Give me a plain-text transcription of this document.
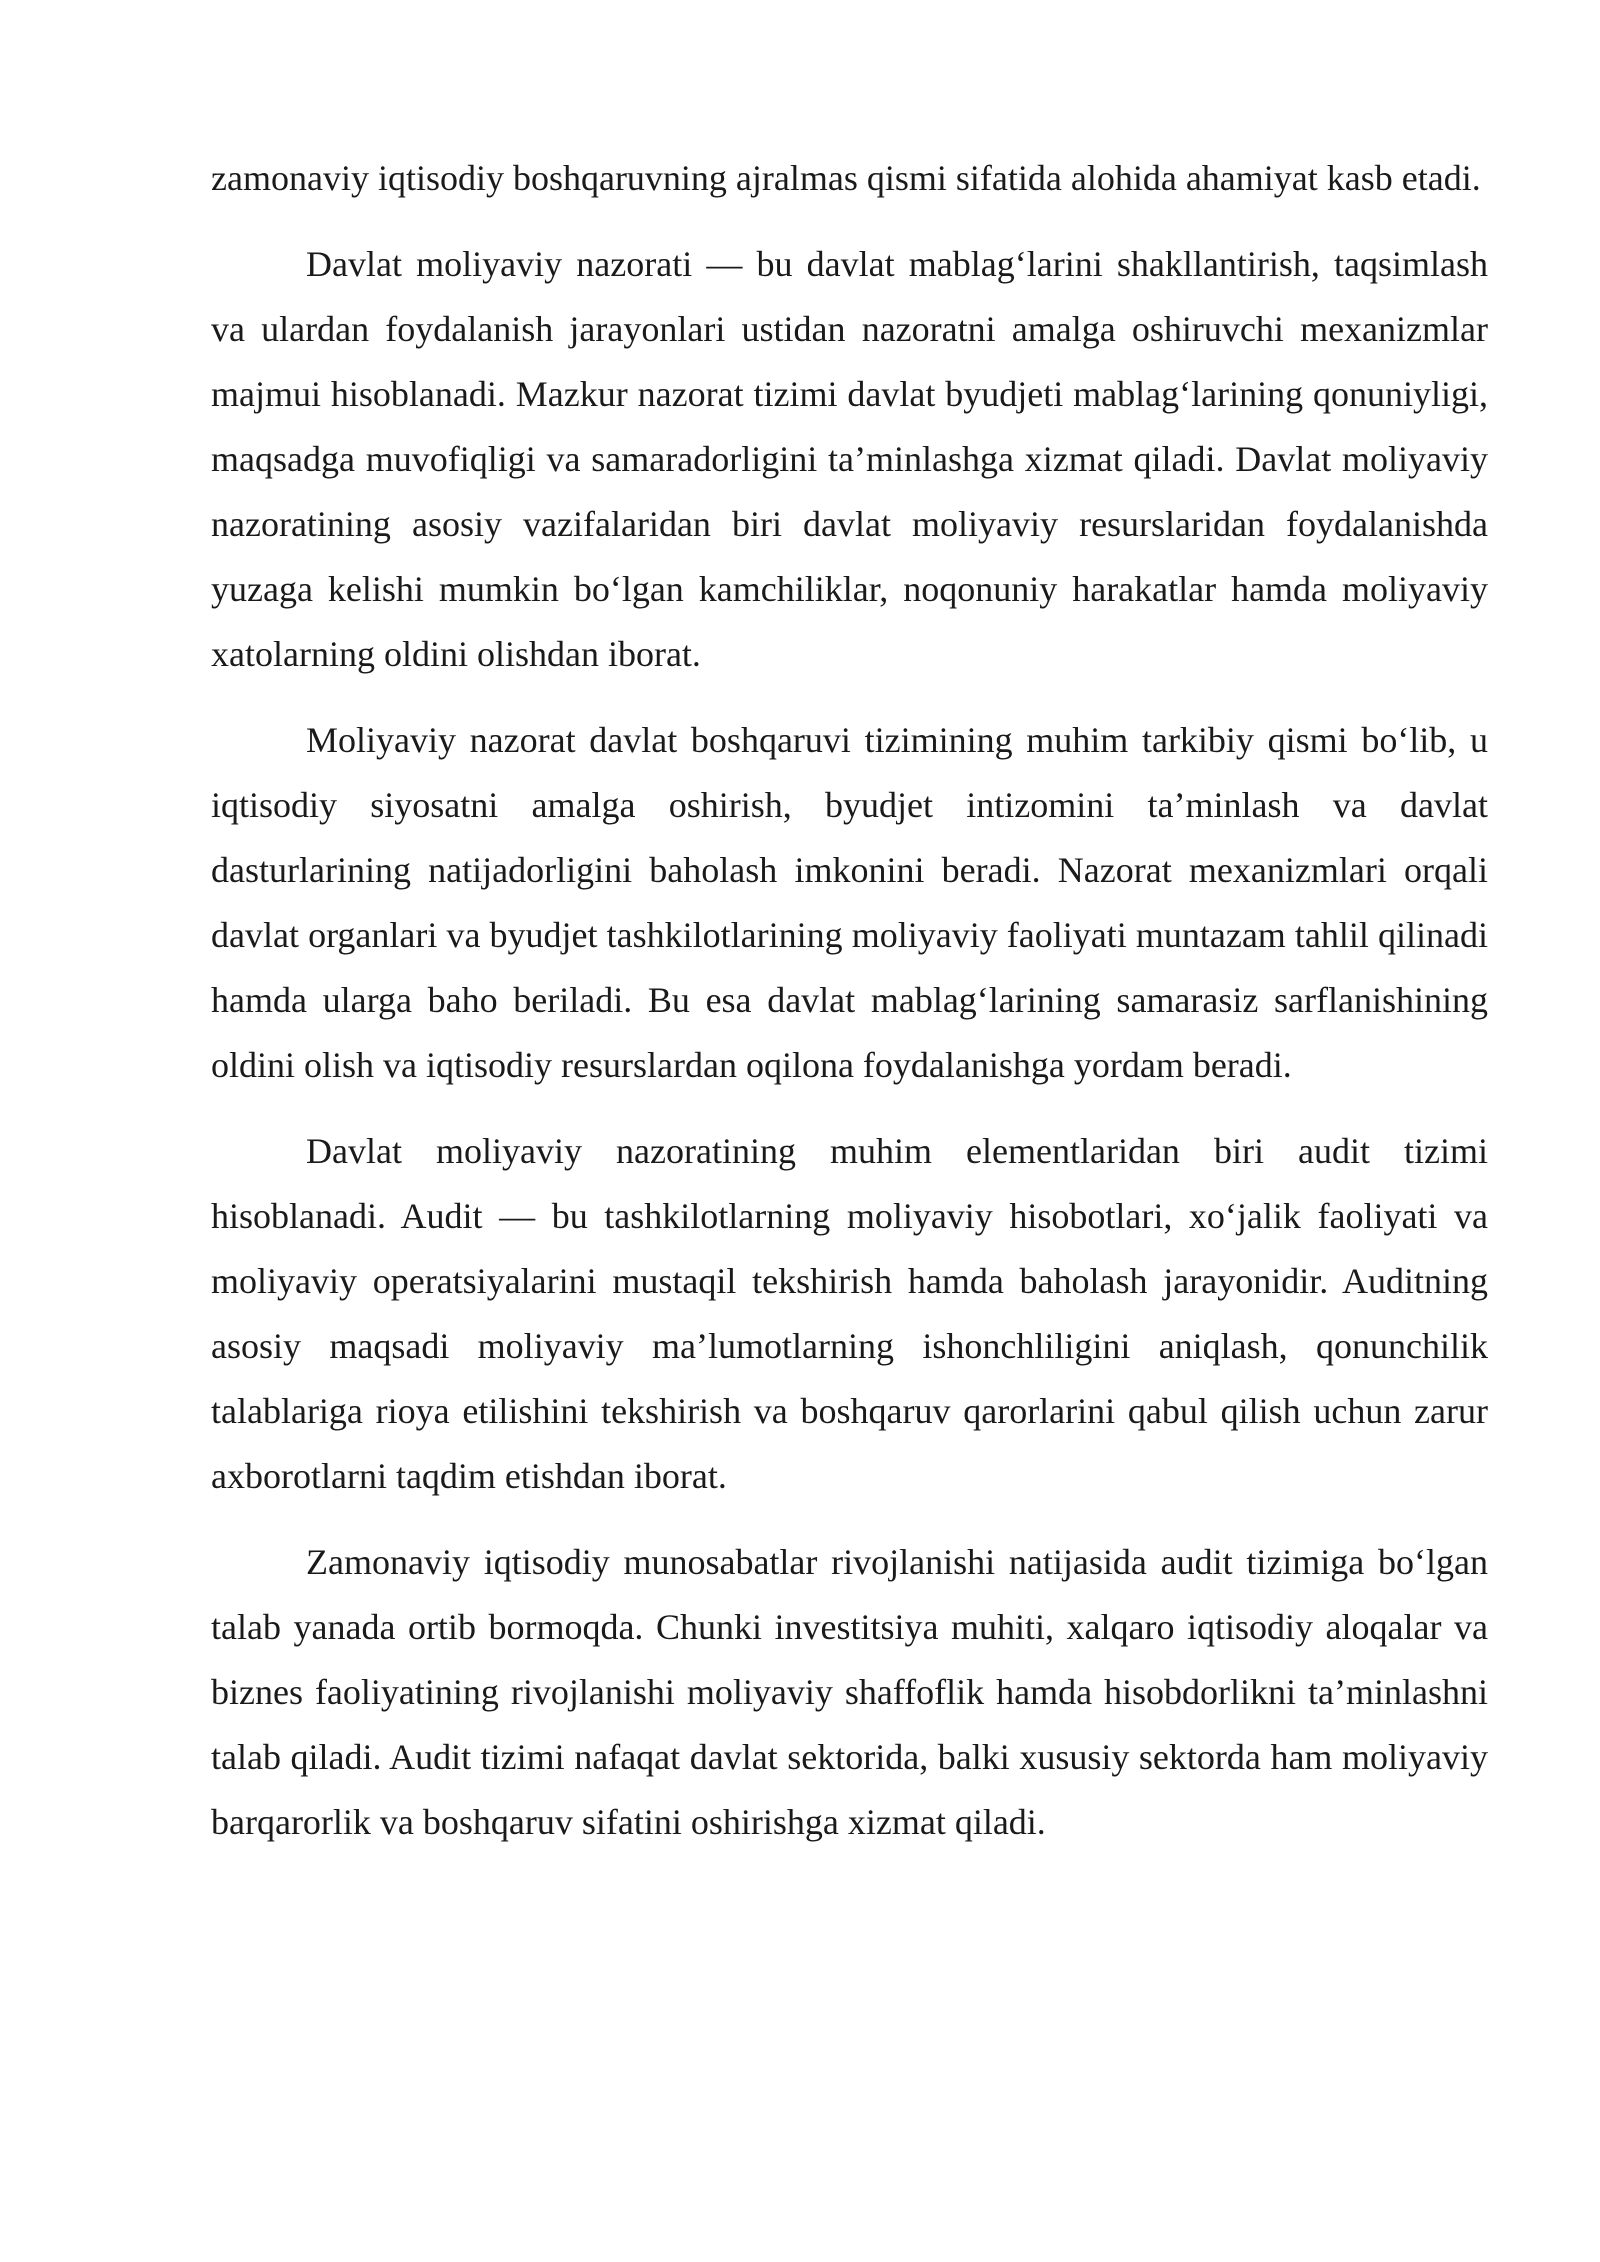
zamonaviy iqtisodiy boshqaruvning ajralmas qismi sifatida alohida ahamiyat kasb etadi.

Davlat moliyaviy nazorati — bu davlat mablag‘larini shakllantirish, taqsimlash va ulardan foydalanish jarayonlari ustidan nazoratni amalga oshiruvchi mexanizmlar majmui hisoblanadi. Mazkur nazorat tizimi davlat byudjeti mablag‘larining qonuniyligi, maqsadga muvofiqligi va samaradorligini ta’minlashga xizmat qiladi. Davlat moliyaviy nazoratining asosiy vazifalaridan biri davlat moliyaviy resurslaridan foydalanishda yuzaga kelishi mumkin bo‘lgan kamchiliklar, noqonuniy harakatlar hamda moliyaviy xatolarning oldini olishdan iborat.

Moliyaviy nazorat davlat boshqaruvi tizimining muhim tarkibiy qismi bo‘lib, u iqtisodiy siyosatni amalga oshirish, byudjet intizomini ta’minlash va davlat dasturlarining natijadorligini baholash imkonini beradi. Nazorat mexanizmlari orqali davlat organlari va byudjet tashkilotlarining moliyaviy faoliyati muntazam tahlil qilinadi hamda ularga baho beriladi. Bu esa davlat mablag‘larining samarasiz sarflanishining oldini olish va iqtisodiy resurslardan oqilona foydalanishga yordam beradi.

Davlat moliyaviy nazoratining muhim elementlaridan biri audit tizimi hisoblanadi. Audit — bu tashkilotlarning moliyaviy hisobotlari, xo‘jalik faoliyati va moliyaviy operatsiyalarini mustaqil tekshirish hamda baholash jarayonidir. Auditning asosiy maqsadi moliyaviy ma’lumotlarning ishonchliligini aniqlash, qonunchilik talablariga rioya etilishini tekshirish va boshqaruv qarorlarini qabul qilish uchun zarur axborotlarni taqdim etishdan iborat.

Zamonaviy iqtisodiy munosabatlar rivojlanishi natijasida audit tizimiga bo‘lgan talab yanada ortib bormoqda. Chunki investitsiya muhiti, xalqaro iqtisodiy aloqalar va biznes faoliyatining rivojlanishi moliyaviy shaffoflik hamda hisobdorlikni ta’minlashni talab qiladi. Audit tizimi nafaqat davlat sektorida, balki xususiy sektorda ham moliyaviy barqarorlik va boshqaruv sifatini oshirishga xizmat qiladi.
